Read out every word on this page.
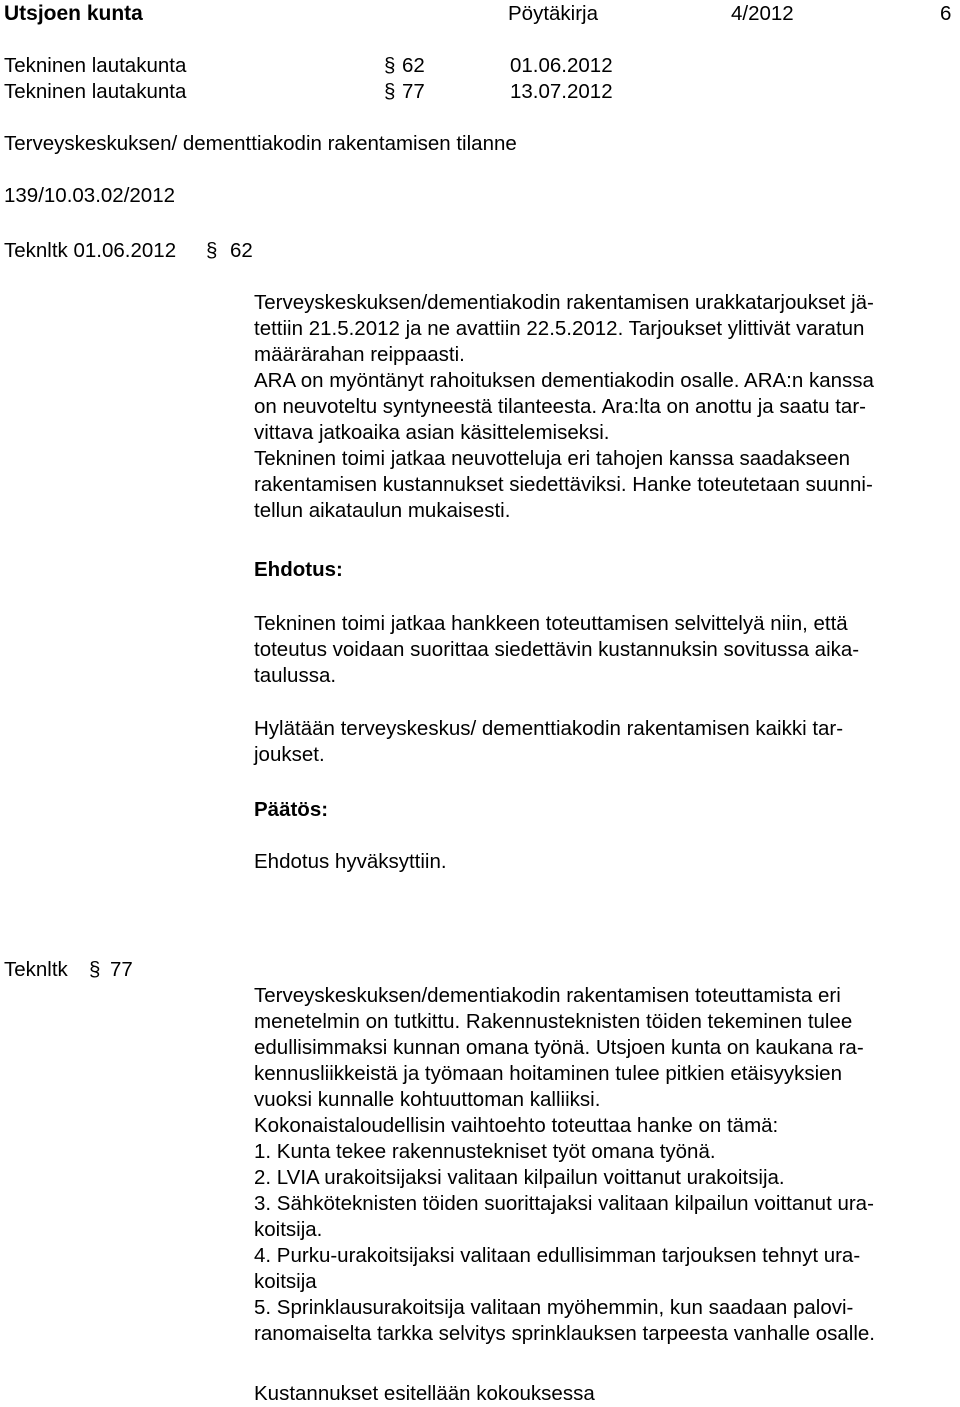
Utsjoen kunta	Pöytäkirja	4/2012	6
Tekninen lautakunta	§ 62	01.06.2012
Tekninen lautakunta	§ 77	13.07.2012
Terveyskeskuksen/ dementtiakodin rakentamisen tilanne
139/10.03.02/2012
Teknltk 01.06.2012 § 62
Terveyskeskuksen/dementiakodin rakentamisen urakkatarjoukset jä-
tettiin 21.5.2012 ja ne avattiin 22.5.2012. Tarjoukset ylittivät varatun
määrärahan reippaasti.
ARA on myöntänyt rahoituksen dementiakodin osalle. ARA:n kanssa
on neuvoteltu syntyneestä tilanteesta. Ara:lta on anottu ja saatu tar-
vittava jatkoaika asian käsittelemiseksi.
Tekninen toimi jatkaa neuvotteluja eri tahojen kanssa saadakseen
rakentamisen kustannukset siedettäviksi. Hanke toteutetaan suunni-
tellun aikataulun mukaisesti.
Ehdotus:
Tekninen toimi jatkaa hankkeen toteuttamisen selvittelyä niin, että
toteutus voidaan suorittaa siedettävin kustannuksin sovitussa aika-
taulussa.
Hylätään terveyskeskus/ dementtiakodin rakentamisen kaikki tar-
joukset.
Päätös:
Ehdotus hyväksyttiin.
Teknltk § 77
Terveyskeskuksen/dementiakodin rakentamisen toteuttamista eri
menetelmin on tutkittu. Rakennusteknisten töiden tekeminen tulee
edullisimmaksi kunnan omana työnä. Utsjoen kunta on kaukana ra-
kennusliikkeistä ja työmaan hoitaminen tulee pitkien etäisyyksien
vuoksi kunnalle kohtuuttoman kalliiksi.
Kokonaistaloudellisin vaihtoehto toteuttaa hanke on tämä:
1. Kunta tekee rakennustekniset työt omana työnä.
2. LVIA urakoitsijaksi valitaan kilpailun voittanut urakoitsija.
3. Sähköteknisten töiden suorittajaksi valitaan kilpailun voittanut ura-
koitsija.
4. Purku-urakoitsijaksi valitaan edullisimman tarjouksen tehnyt ura-
koitsija
5. Sprinklausurakoitsija valitaan myöhemmin, kun saadaan palovi-
ranomaiselta tarkka selvitys sprinklauksen tarpeesta vanhalle osalle.
Kustannukset esitellään kokouksessa
